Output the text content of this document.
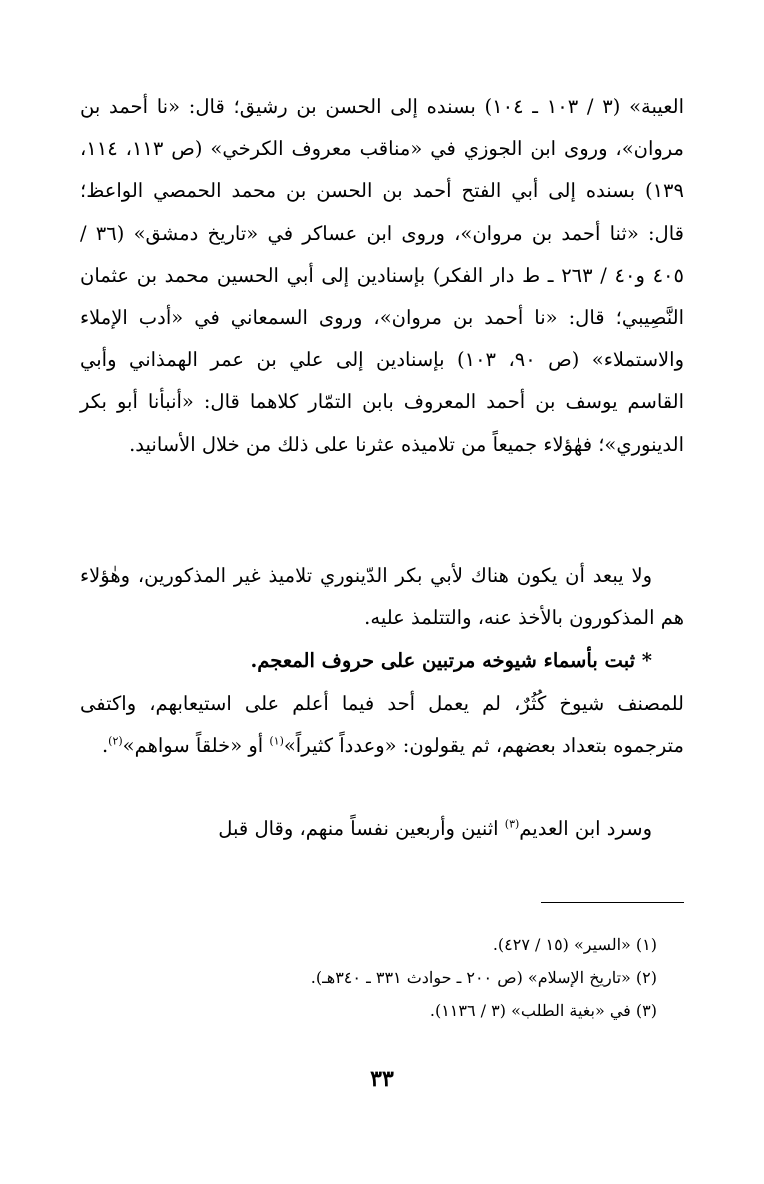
العيبة» (٣ / ١٠٣ ـ ١٠٤) بسنده إلى الحسن بن رشيق؛ قال: «نا أحمد بن مروان»، وروى ابن الجوزي في «مناقب معروف الكرخي» (ص ١١٣، ١١٤، ١٣٩) بسنده إلى أبي الفتح أحمد بن الحسن بن محمد الحمصي الواعظ؛ قال: «ثنا أحمد بن مروان»، وروى ابن عساكر في «تاريخ دمشق» (٣٦ / ٤٠٥ و٤٠ / ٢٦٣ ـ ط دار الفكر) بإسنادين إلى أبي الحسين محمد بن عثمان النَّصِيبي؛ قال: «نا أحمد بن مروان»، وروى السمعاني في «أدب الإملاء والاستملاء» (ص ٩٠، ١٠٣) بإسنادين إلى علي بن عمر الهمذاني وأبي القاسم يوسف بن أحمد المعروف بابن التمّار كلاهما قال: «أنبأنا أبو بكر الدينوري»؛ فهٰؤلاء جميعاً من تلاميذه عثرنا على ذلك من خلال الأسانيد.

ولا يبعد أن يكون هناك لأبي بكر الدّينوري تلاميذ غير المذكورين، وهٰؤلاء هم المذكورون بالأخذ عنه، والتتلمذ عليه.

* ثبت بأسماء شيوخه مرتبين على حروف المعجم.

للمصنف شيوخ كُثُرٌ، لم يعمل أحد فيما أعلم على استيعابهم، واكتفى مترجموه بتعداد بعضهم، ثم يقولون: «وعدداً كثيراً»$^{(١)}$ أو «خلقاً سواهم»$^{(٢)}$.

وسرد ابن العديم$^{(٣)}$ اثنين وأربعين نفساً منهم، وقال قبل

(١) «السير» (١٥ / ٤٢٧).
(٢) «تاريخ الإسلام» (ص ٢٠٠ ـ حوادث ٣٣١ ـ ٣٤٠هـ).
(٣) في «بغية الطلب» (٣ / ١١٣٦).
٣٣
